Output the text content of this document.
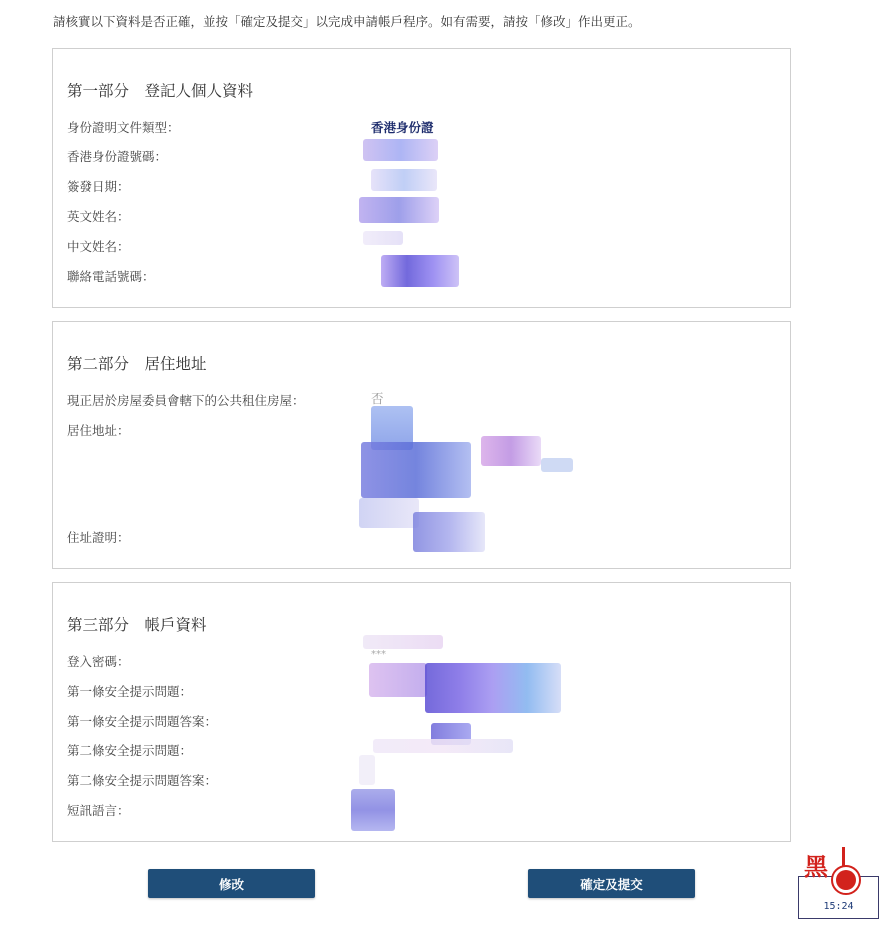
請核實以下資料是否正確，並按「確定及提交」以完成申請帳戶程序。如有需要，請按「修改」作出更正。
第一部分　登記人個人資料
身份證明文件類型：	香港身份證
香港身份證號碼：
簽發日期：
英文姓名：
中文姓名：
聯絡電話號碼：
第二部分　居住地址
現正居於房屋委員會轄下的公共租住房屋：	否
居住地址：
住址證明：
第三部分　帳戶資料
登入密碼：	***
第一條安全提示問題：
第一條安全提示問題答案：
第二條安全提示問題：
第二條安全提示問題答案：
短訊語言：
修改	確定及提交
15:24
黑
